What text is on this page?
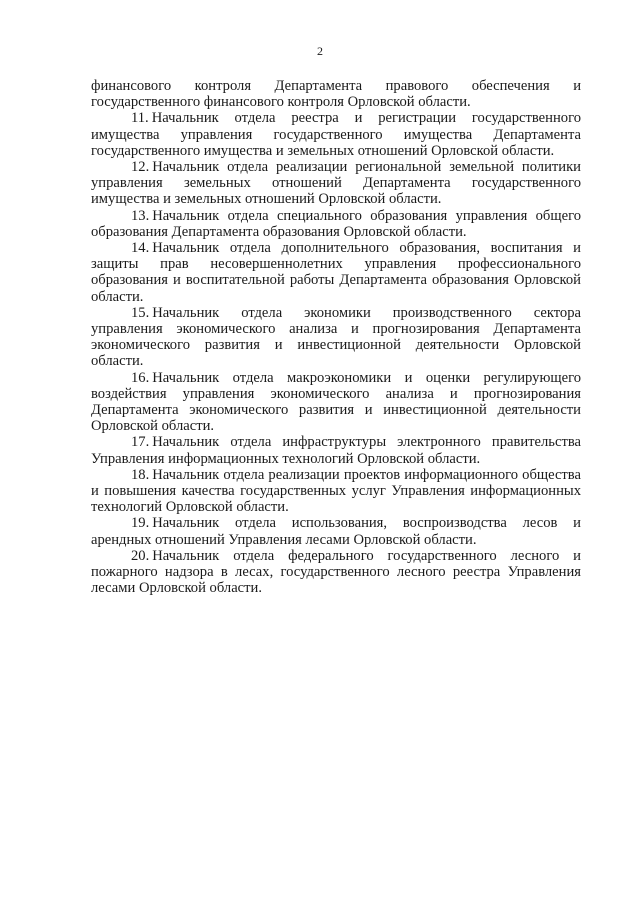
2

финансового контроля Департамента правового обеспечения и государственного финансового контроля Орловской области.

11. Начальник отдела реестра и регистрации государственного имущества управления государственного имущества Департамента государственного имущества и земельных отношений Орловской области.

12. Начальник отдела реализации региональной земельной политики управления земельных отношений Департамента государственного имущества и земельных отношений Орловской области.

13. Начальник отдела специального образования управления общего образования Департамента образования Орловской области.

14. Начальник отдела дополнительного образования, воспитания и защиты прав несовершеннолетних управления профессионального образования и воспитательной работы Департамента образования Орловской области.

15. Начальник отдела экономики производственного сектора управления экономического анализа и прогнозирования Департамента экономического развития и инвестиционной деятельности Орловской области.

16. Начальник отдела макроэкономики и оценки регулирующего воздействия управления экономического анализа и прогнозирования Департамента экономического развития и инвестиционной деятельности Орловской области.

17. Начальник отдела инфраструктуры электронного правительства Управления информационных технологий Орловской области.

18. Начальник отдела реализации проектов информационного общества и повышения качества государственных услуг Управления информационных технологий Орловской области.

19. Начальник отдела использования, воспроизводства лесов и арендных отношений Управления лесами Орловской области.

20. Начальник отдела федерального государственного лесного и пожарного надзора в лесах, государственного лесного реестра Управления лесами Орловской области.
